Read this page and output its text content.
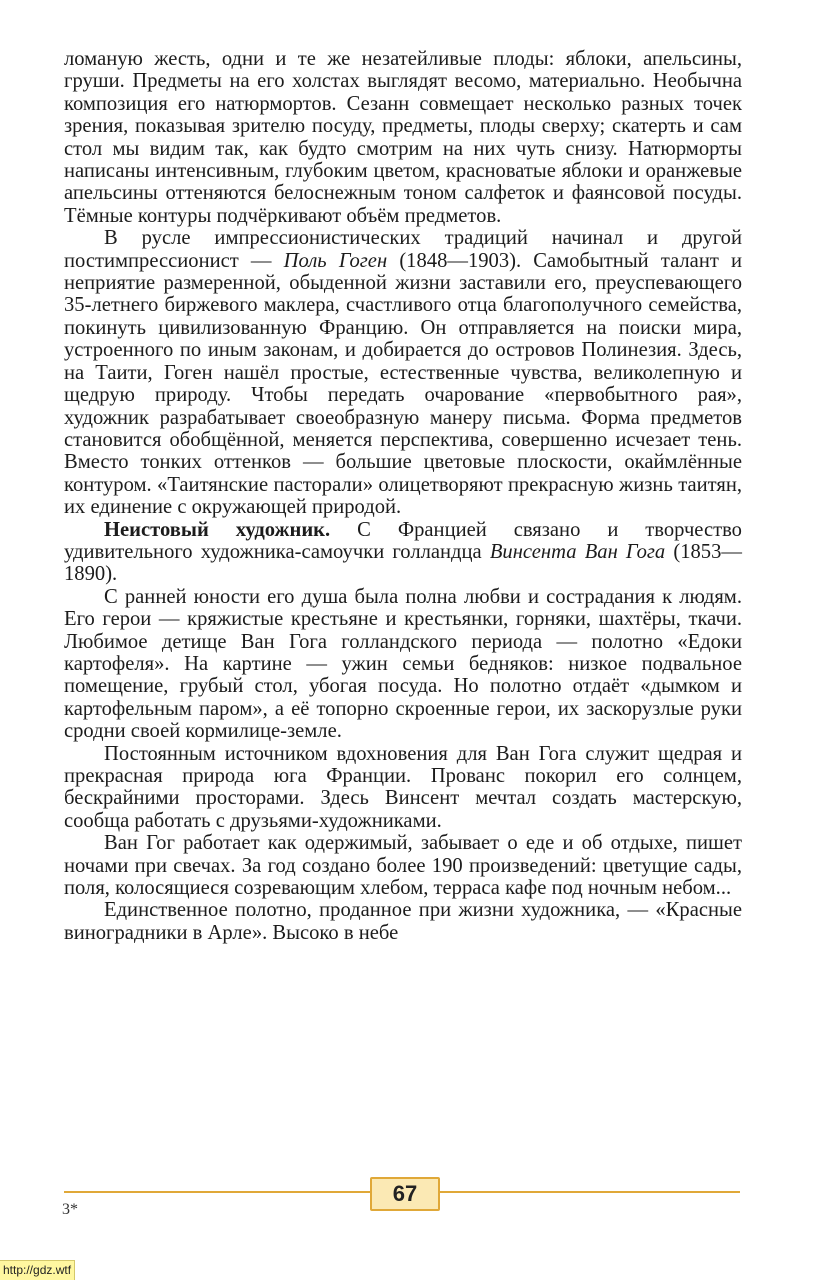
ломаную жесть, одни и те же незатейливые плоды: яблоки, апельсины, груши. Предметы на его холстах выглядят весомо, материально. Необычна композиция его натюрмортов. Сезанн совмещает несколько разных точек зрения, показывая зрителю посуду, предметы, плоды сверху; скатерть и сам стол мы видим так, как будто смотрим на них чуть снизу. Натюрморты написаны интенсивным, глубоким цветом, красноватые яблоки и оранжевые апельсины оттеняются белоснежным тоном салфеток и фаянсовой посуды. Тёмные контуры подчёркивают объём предметов.

В русле импрессионистических традиций начинал и другой постимпрессионист — Поль Гоген (1848—1903). Самобытный талант и неприятие размеренной, обыденной жизни заставили его, преуспевающего 35-летнего биржевого маклера, счастливого отца благополучного семейства, покинуть цивилизованную Францию. Он отправляется на поиски мира, устроенного по иным законам, и добирается до островов Полинезия. Здесь, на Таити, Гоген нашёл простые, естественные чувства, великолепную и щедрую природу. Чтобы передать очарование «первобытного рая», художник разрабатывает своеобразную манеру письма. Форма предметов становится обобщённой, меняется перспектива, совершенно исчезает тень. Вместо тонких оттенков — большие цветовые плоскости, окаймлённые контуром. «Таитянские пасторали» олицетворяют прекрасную жизнь таитян, их единение с окружающей природой.

Неистовый художник. С Францией связано и творчество удивительного художника-самоучки голландца Винсента Ван Гога (1853—1890).

С ранней юности его душа была полна любви и сострадания к людям. Его герои — кряжистые крестьяне и крестьянки, горняки, шахтёры, ткачи. Любимое детище Ван Гога голландского периода — полотно «Едоки картофеля». На картине — ужин семьи бедняков: низкое подвальное помещение, грубый стол, убогая посуда. Но полотно отдаёт «дымком и картофельным паром», а её топорно скроенные герои, их заскорузлые руки сродни своей кормилице-земле.

Постоянным источником вдохновения для Ван Гога служит щедрая и прекрасная природа юга Франции. Прованс покорил его солнцем, бескрайними просторами. Здесь Винсент мечтал создать мастерскую, сообща работать с друзьями-художниками.

Ван Гог работает как одержимый, забывает о еде и об отдыхе, пишет ночами при свечах. За год создано более 190 произведений: цветущие сады, поля, колосящиеся созревающим хлебом, терраса кафе под ночным небом...

Единственное полотно, проданное при жизни художника, — «Красные виноградники в Арле». Высоко в небе

67
3*
http://gdz.wtf
